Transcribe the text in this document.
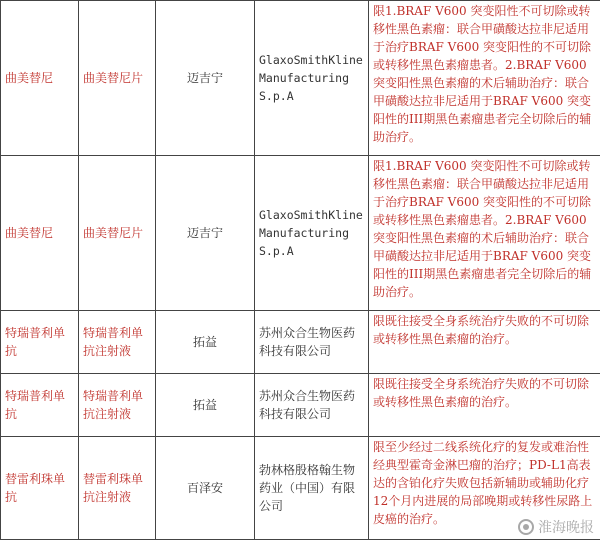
曲美替尼	曲美替尼片	迈吉宁	GlaxoSmithKline Manufacturing S.p.A	限1.BRAF V600 突变阳性不可切除或转移性黑色素瘤：联合甲磺酸达拉非尼适用于治疗BRAF V600 突变阳性的不可切除或转移性黑色素瘤患者。2.BRAF V600 突变阳性黑色素瘤的术后辅助治疗：联合甲磺酸达拉非尼适用于BRAF V600 突变阳性的III期黑色素瘤患者完全切除后的辅助治疗。
曲美替尼	曲美替尼片	迈吉宁	GlaxoSmithKline Manufacturing S.p.A	限1.BRAF V600 突变阳性不可切除或转移性黑色素瘤：联合甲磺酸达拉非尼适用于治疗BRAF V600 突变阳性的不可切除或转移性黑色素瘤患者。2.BRAF V600 突变阳性黑色素瘤的术后辅助治疗：联合甲磺酸达拉非尼适用于BRAF V600 突变阳性的III期黑色素瘤患者完全切除后的辅助治疗。
特瑞普利单抗	特瑞普利单抗注射液	拓益	苏州众合生物医药科技有限公司	限既往接受全身系统治疗失败的不可切除或转移性黑色素瘤的治疗。
特瑞普利单抗	特瑞普利单抗注射液	拓益	苏州众合生物医药科技有限公司	限既往接受全身系统治疗失败的不可切除或转移性黑色素瘤的治疗。
替雷利珠单抗	替雷利珠单抗注射液	百泽安	勃林格殷格翰生物药业（中国）有限公司	限至少经过二线系统化疗的复发或难治性经典型霍奇金淋巴瘤的治疗；PD-L1高表达的含铂化疗失败包括新辅助或辅助化疗12个月内进展的局部晚期或转移性尿路上皮癌的治疗。
淮海晚报
